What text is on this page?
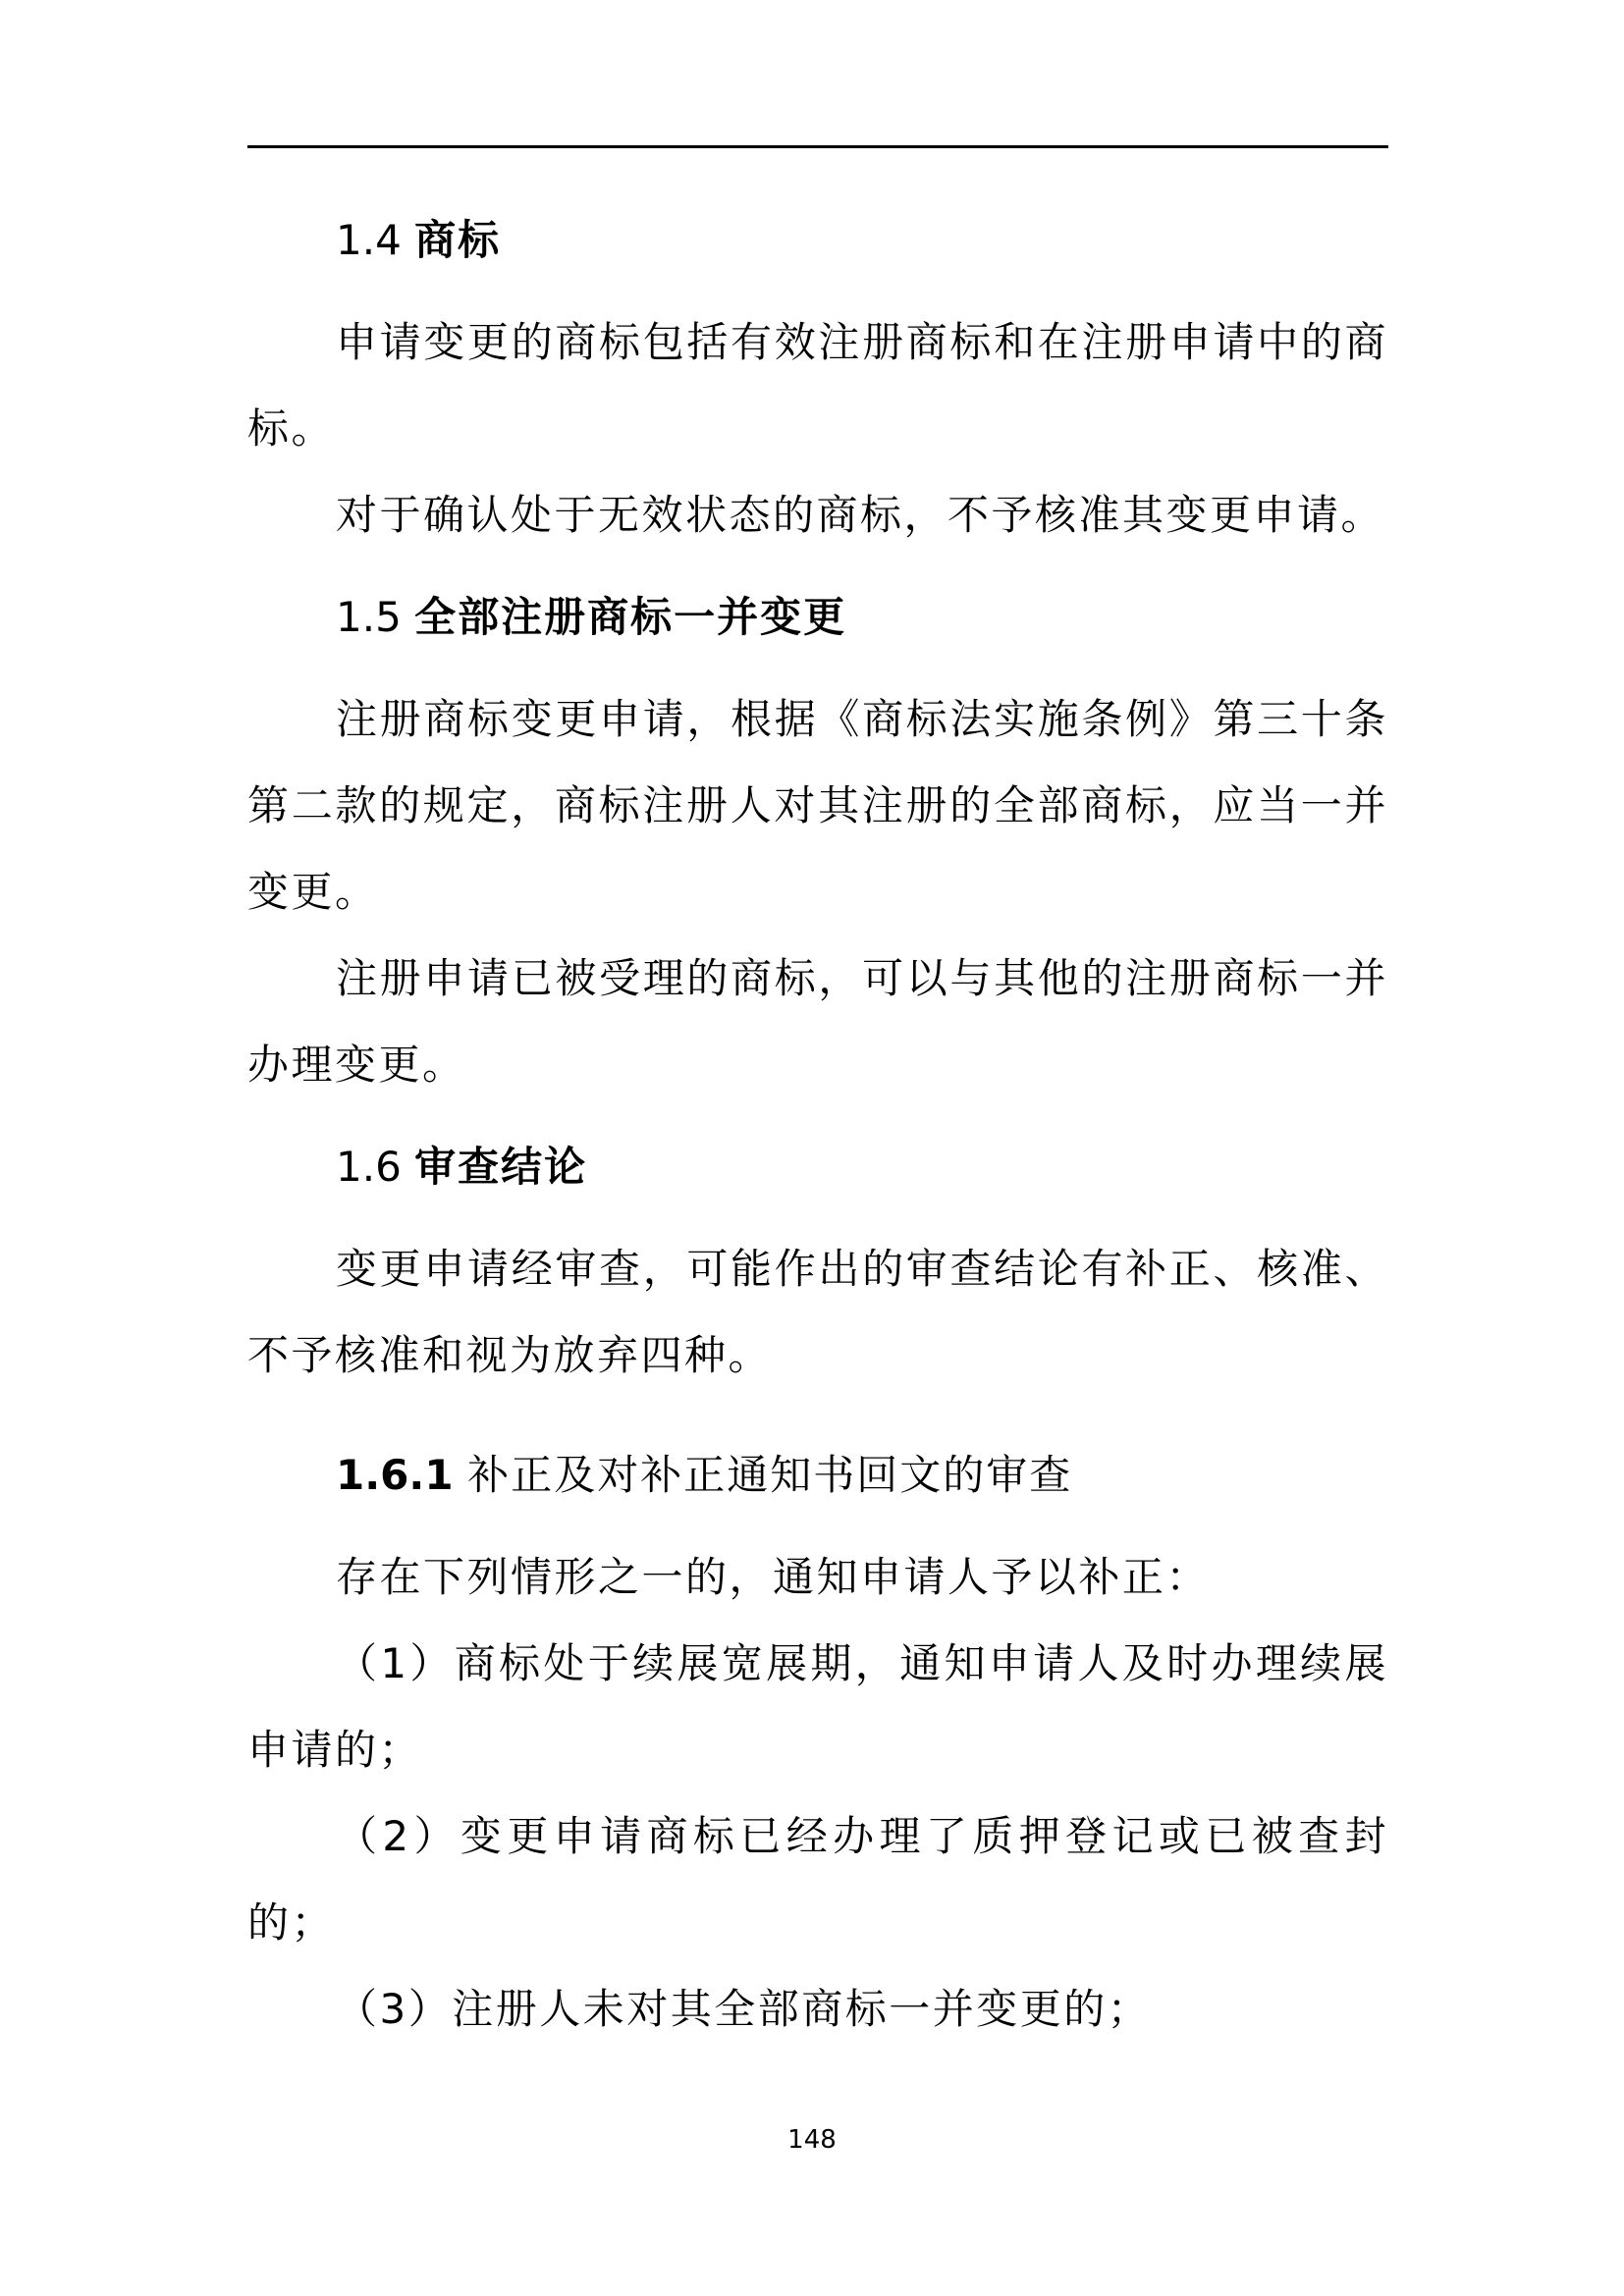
1.4 商标

申请变更的商标包括有效注册商标和在注册申请中的商标。

对于确认处于无效状态的商标，不予核准其变更申请。

1.5 全部注册商标一并变更

注册商标变更申请，根据《商标法实施条例》第三十条第二款的规定，商标注册人对其注册的全部商标，应当一并变更。

注册申请已被受理的商标，可以与其他的注册商标一并办理变更。

1.6 审查结论

变更申请经审查，可能作出的审查结论有补正、核准、不予核准和视为放弃四种。

1.6.1 补正及对补正通知书回文的审查

存在下列情形之一的，通知申请人予以补正：

（1）商标处于续展宽展期，通知申请人及时办理续展申请的；

（2）变更申请商标已经办理了质押登记或已被查封的；

（3）注册人未对其全部商标一并变更的；

148
